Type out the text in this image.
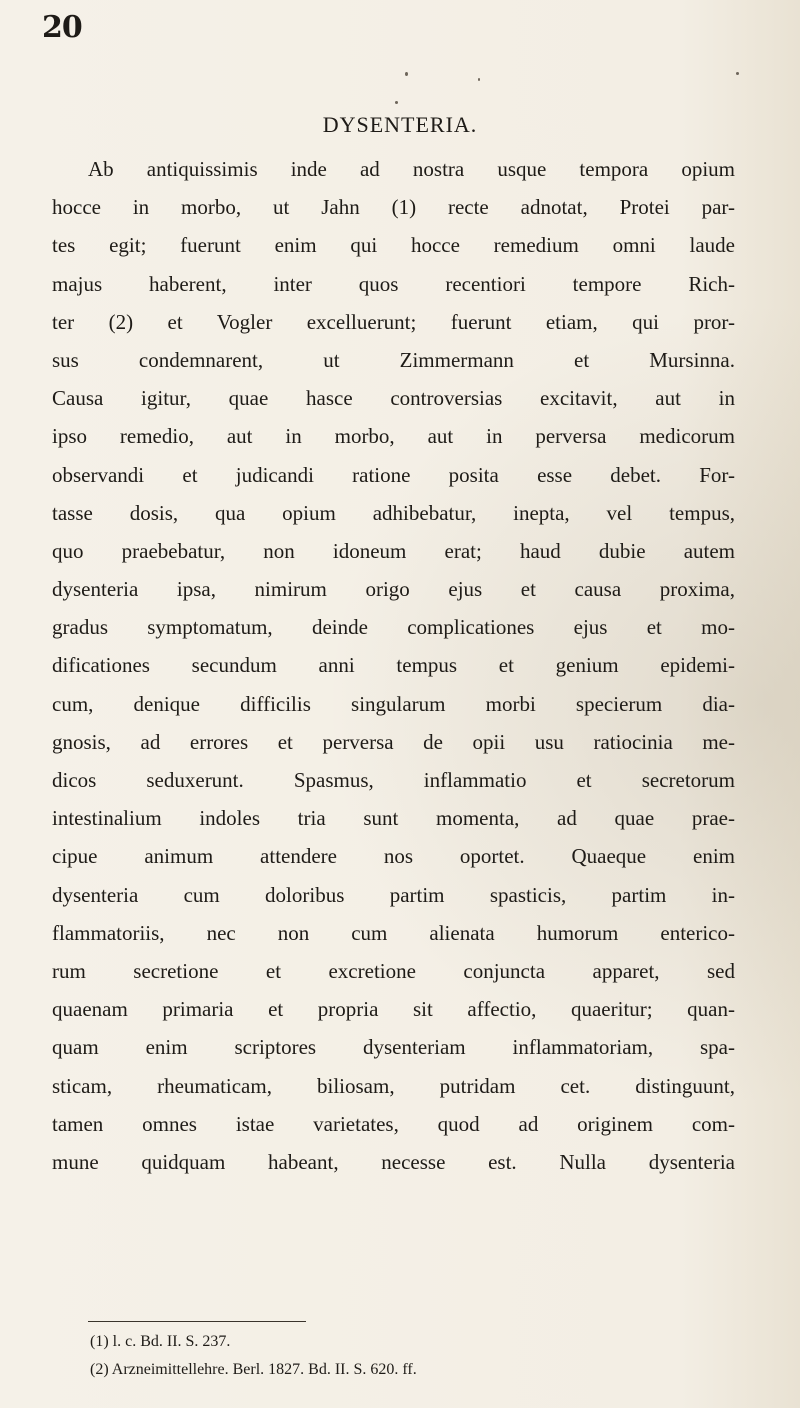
20
DYSENTERIA.
Ab antiquissimis inde ad nostra usque tempora opium
hocce in morbo, ut Jahn (1) recte adnotat, Protei par-
tes egit; fuerunt enim qui hocce remedium omni laude
majus haberent, inter quos recentiori tempore Rich-
ter (2) et Vogler excelluerunt; fuerunt etiam, qui pror-
sus condemnarent, ut Zimmermann et Mursinna.
Causa igitur, quae hasce controversias excitavit, aut in
ipso remedio, aut in morbo, aut in perversa medicorum
observandi et judicandi ratione posita esse debet. For-
tasse dosis, qua opium adhibebatur, inepta, vel tempus,
quo praebebatur, non idoneum erat; haud dubie autem
dysenteria ipsa, nimirum origo ejus et causa proxima,
gradus symptomatum, deinde complicationes ejus et mo-
dificationes secundum anni tempus et genium epidemi-
cum, denique difficilis singularum morbi specierum dia-
gnosis, ad errores et perversa de opii usu ratiocinia me-
dicos seduxerunt. Spasmus, inflammatio et secretorum
intestinalium indoles tria sunt momenta, ad quae prae-
cipue animum attendere nos oportet. Quaeque enim
dysenteria cum doloribus partim spasticis, partim in-
flammatoriis, nec non cum alienata humorum enterico-
rum secretione et excretione conjuncta apparet, sed
quaenam primaria et propria sit affectio, quaeritur; quan-
quam enim scriptores dysenteriam inflammatoriam, spa-
sticam, rheumaticam, biliosam, putridam cet. distinguunt,
tamen omnes istae varietates, quod ad originem com-
mune quidquam habeant, necesse est. Nulla dysenteria
(1) l. c. Bd. II. S. 237.
(2) Arzneimittellehre. Berl. 1827. Bd. II. S. 620. ff.
